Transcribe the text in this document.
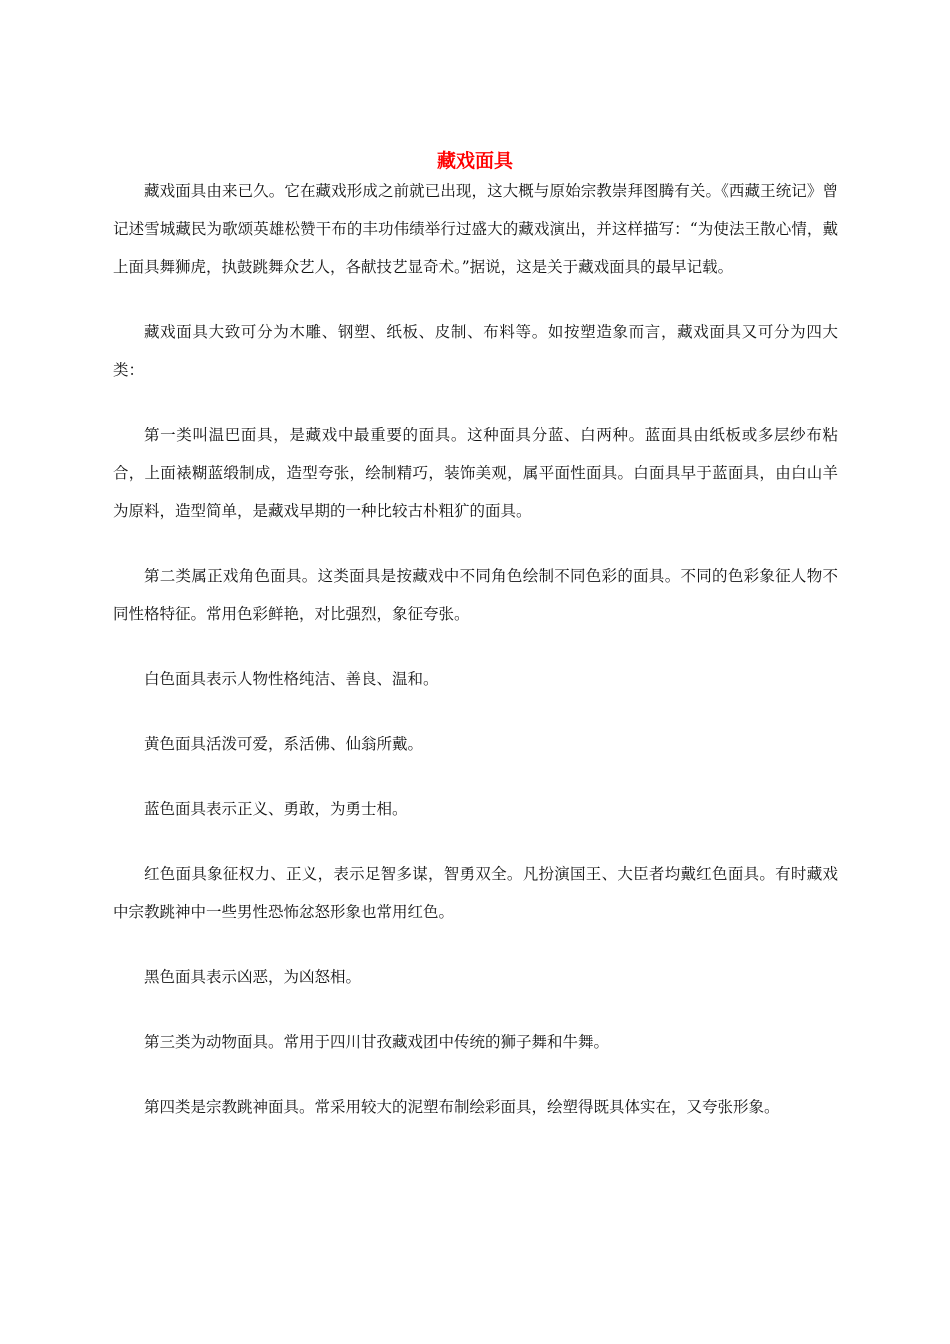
藏戏面具

藏戏面具由来已久。它在藏戏形成之前就已出现，这大概与原始宗教崇拜图腾有关。《西藏王统记》曾记述雪城藏民为歌颂英雄松赞干布的丰功伟绩举行过盛大的藏戏演出，并这样描写：“为使法王散心情，戴上面具舞狮虎，执鼓跳舞众艺人，各献技艺显奇术。”据说，这是关于藏戏面具的最早记载。

藏戏面具大致可分为木雕、钢塑、纸板、皮制、布料等。如按塑造象而言，藏戏面具又可分为四大类：

第一类叫温巴面具，是藏戏中最重要的面具。这种面具分蓝、白两种。蓝面具由纸板或多层纱布粘合，上面裱糊蓝缎制成，造型夸张，绘制精巧，装饰美观，属平面性面具。白面具早于蓝面具，由白山羊为原料，造型简单，是藏戏早期的一种比较古朴粗犷的面具。

第二类属正戏角色面具。这类面具是按藏戏中不同角色绘制不同色彩的面具。不同的色彩象征人物不同性格特征。常用色彩鲜艳，对比强烈，象征夸张。

白色面具表示人物性格纯洁、善良、温和。

黄色面具活泼可爱，系活佛、仙翁所戴。

蓝色面具表示正义、勇敢，为勇士相。

红色面具象征权力、正义，表示足智多谋，智勇双全。凡扮演国王、大臣者均戴红色面具。有时藏戏中宗教跳神中一些男性恐怖忿怒形象也常用红色。

黑色面具表示凶恶，为凶怒相。

第三类为动物面具。常用于四川甘孜藏戏团中传统的狮子舞和牛舞。

第四类是宗教跳神面具。常采用较大的泥塑布制绘彩面具，绘塑得既具体实在，又夸张形象。
